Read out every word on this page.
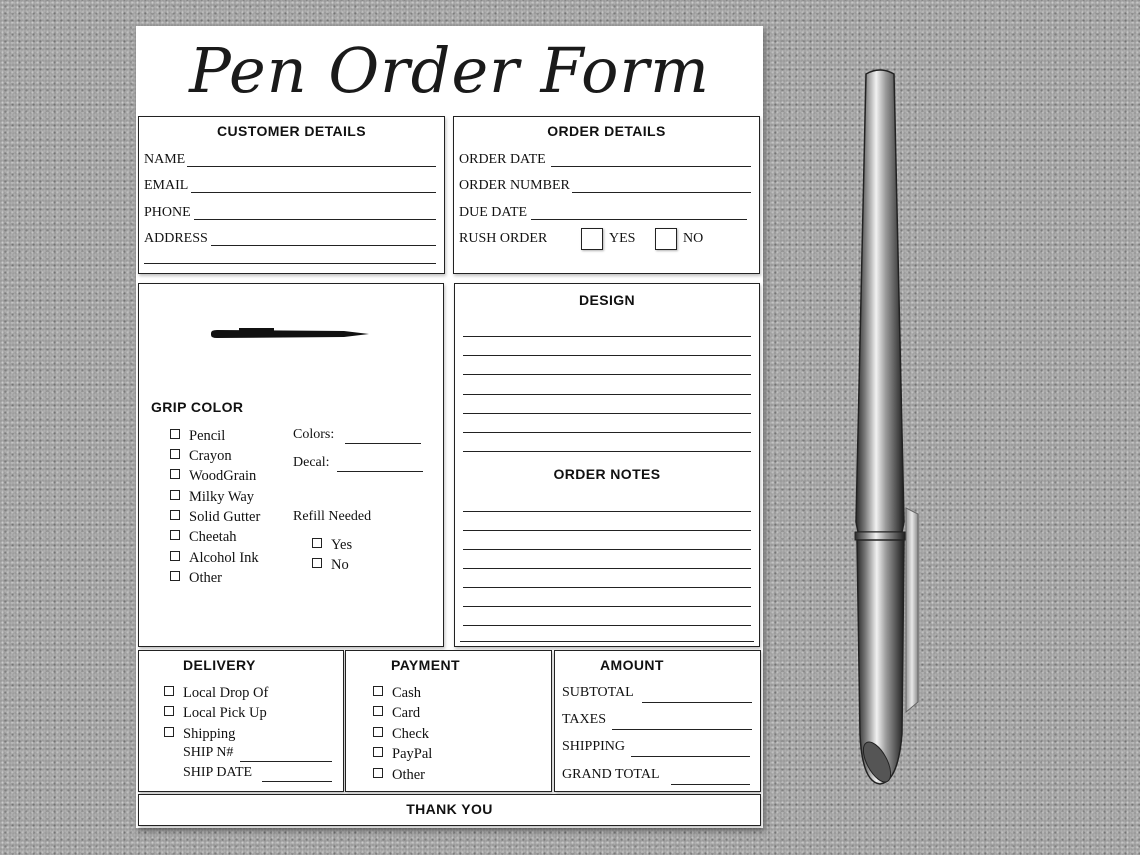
Pen Order Form
CUSTOMER DETAILS
NAME
EMAIL
PHONE
ADDRESS
ORDER DETAILS
ORDER DATE
ORDER NUMBER
DUE DATE
RUSH ORDER	YES	NO
GRIP COLOR
Pencil
Crayon
WoodGrain
Milky Way
Solid Gutter
Cheetah
Alcohol Ink
Other
Colors:
Decal:
Refill Needed
Yes
No
DESIGN
ORDER NOTES
DELIVERY
Local Drop Of
Local Pick Up
Shipping
SHIP N#
SHIP DATE
PAYMENT
Cash
Card
Check
PayPal
Other
AMOUNT
SUBTOTAL
TAXES
SHIPPING
GRAND TOTAL
THANK YOU
